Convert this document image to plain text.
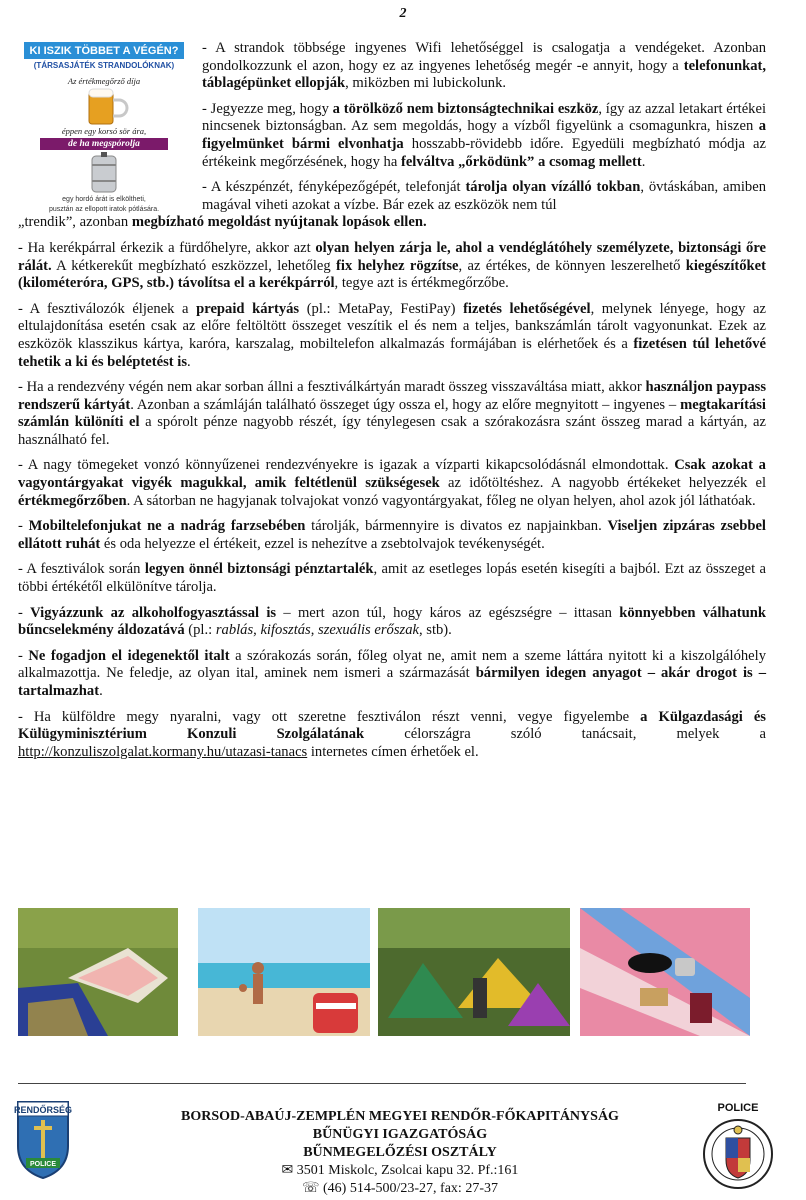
2
KI ISZIK TÖBBET A VÉGÉN?
(TÁRSASJÁTÉK STRANDOLÓKNAK)
Az értékmegőrző díja
éppen egy korsó sör ára,
de ha megspórolja
egy hordó árát is elköltheti,
pusztán az ellopott iratok pótlására.

- A strandok többsége ingyenes Wifi lehetőséggel is csalogatja a vendégeket. Azonban gondolkozzunk el azon, hogy ez az ingyenes lehetőség megér -e annyit, hogy a telefonunkat, táblagépünket ellopják, miközben mi lubickolunk.

- Jegyezze meg, hogy a törölköző nem biztonságtechnikai eszköz, így az azzal letakart értékei nincsenek biztonságban. Az sem megoldás, hogy a vízből figyelünk a csomagunkra, hiszen a figyelmünket bármi elvonhatja hosszabb-rövidebb időre. Egyedüli megbízható módja az értékeink megőrzésének, hogy ha felváltva „őrködünk” a csomag mellett.

- A készpénzét, fényképezőgépét, telefonját tárolja olyan vízálló tokban, övtáskában, amiben magával viheti azokat a vízbe. Bár ezek az eszközök nem túl

„trendik”, azonban megbízható megoldást nyújtanak lopások ellen.

- Ha kerékpárral érkezik a fürdőhelyre, akkor azt olyan helyen zárja le, ahol a vendéglátóhely személyzete, biztonsági őre rálát. A kétkerekűt megbízható eszközzel, lehetőleg fix helyhez rögzítse, az értékes, de könnyen leszerelhető kiegészítőket (kilométeróra, GPS, stb.) távolítsa el a kerékpárról, tegye azt is értékmegőrzőbe.

- A fesztiválozók éljenek a prepaid kártyás (pl.: MetaPay, FestiPay) fizetés lehetőségével, melynek lényege, hogy az eltulajdonítása esetén csak az előre feltöltött összeget veszítik el és nem a teljes, bankszámlán tárolt vagyonunkat. Ezek az eszközök klasszikus kártya, karóra, karszalag, mobiltelefon alkalmazás formájában is elérhetőek és a fizetésen túl lehetővé tehetik a ki és beléptetést is.

- Ha a rendezvény végén nem akar sorban állni a fesztiválkártyán maradt összeg visszaváltása miatt, akkor használjon paypass rendszerű kártyát. Azonban a számláján található összeget úgy ossza el, hogy az előre megnyitott – ingyenes – megtakarítási számlán különíti el a spórolt pénze nagyobb részét, így ténylegesen csak a szórakozásra szánt összeg marad a kártyán, az használható fel.

- A nagy tömegeket vonzó könnyűzenei rendezvényekre is igazak a vízparti kikapcsolódásnál elmondottak. Csak azokat a vagyontárgyakat vigyék magukkal, amik feltétlenül szükségesek az időtöltéshez. A nagyobb értékeket helyezzék el értékmegőrzőben. A sátorban ne hagyjanak tolvajokat vonzó vagyontárgyakat, főleg ne olyan helyen, ahol azok jól láthatóak.

- Mobiltelefonjukat ne a nadrág farzsebében tárolják, bármennyire is divatos ez napjainkban. Viseljen zipzáras zsebbel ellátott ruhát és oda helyezze el értékeit, ezzel is nehezítve a zsebtolvajok tevékenységét.

- A fesztiválok során legyen önnél biztonsági pénztartalék, amit az esetleges lopás esetén kisegíti a bajból. Ezt az összeget a többi értékétől elkülönítve tárolja.

- Vigyázzunk az alkoholfogyasztással is – mert azon túl, hogy káros az egészségre – ittasan könnyebben válhatunk bűncselekmény áldozatává (pl.: rablás, kifosztás, szexuális erőszak, stb).

- Ne fogadjon el idegenektől italt a szórakozás során, főleg olyat ne, amit nem a szeme láttára nyitott ki a kiszolgálóhely alkalmazottja. Ne feledje, az olyan ital, aminek nem ismeri a származását bármilyen idegen anyagot – akár drogot is – tartalmazhat.

- Ha külföldre megy nyaralni, vagy ott szeretne fesztiválon részt venni, vegye figyelembe a Külgazdasági és Külügyminisztérium Konzuli Szolgálatának célországra szóló tanácsait, melyek a http://konzuliszolgalat.kormany.hu/utazasi-tanacs internetes címen érhetőek el.

RENDŐRSÉG
POLICE
BORSOD-ABAÚJ-ZEMPLÉN MEGYEI RENDŐR-FŐKAPITÁNYSÁG
BŰNÜGYI IGAZGATÓSÁG
BŰNMEGELŐZÉSI OSZTÁLY
✉ 3501 Miskolc, Zsolcai kapu 32. Pf.:161
☏ (46) 514-500/23-27, fax: 27-37
POLICE
